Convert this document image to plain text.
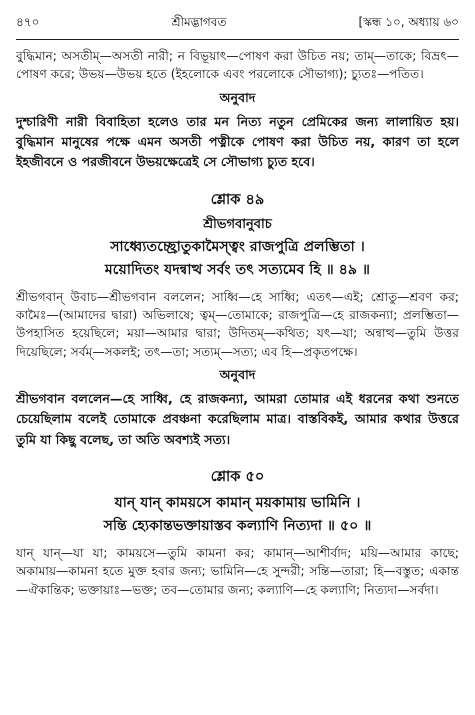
৪৭০	শ্রীমদ্ভাগবত	[স্কন্ধ ১০, অধ্যায় ৬০

বুদ্ধিমান; অসতীম্—অসতী নারী; ন বিভূয়াৎ—পোষণ করা উচিত নয়; তাম্—তাকে; বিভ্রৎ—পোষণ করে; উভয়—উভয় হতে (ইহলোকে এবং পরলোকে সৌভাগ্য); চ্যুতঃ—পতিত।

অনুবাদ

দুশ্চারিণী নারী বিবাহিতা হলেও তার মন নিত্য নতুন প্রেমিকের জন্য লালায়িত হয়। বুদ্ধিমান মানুষের পক্ষে এমন অসতী পত্নীকে পোষণ করা উচিত নয়, কারণ তা হলে ইহজীবনে ও পরজীবনে উভয়ক্ষেত্রেই সে সৌভাগ্য চ্যুত হবে।

শ্লোক ৪৯
শ্রীভগবানুবাচ
সাধ্ব্যেতচ্ছ্রোতুকামৈস্ত্বং রাজপুত্রি প্রলম্ভিতা ।
ময়োদিতং যদন্বাত্থ সর্বং তৎ সত্যমেব হি ॥ ৪৯ ॥

শ্রীভগবান্ উবাচ—শ্রীভগবান বললেন; সাধ্বি—হে সাধ্বি; এতৎ—এই; শ্রোতু—শ্রবণ কর; কামৈঃ—(আমাদের দ্বারা) অভিলাষে; ত্বম্—তোমাকে; রাজপুত্রি—হে রাজকন্যা; প্রলম্ভিতা—উপহাসিত হয়েছিলে; ময়া—আমার দ্বারা; উদিতম্—কথিত; যৎ—যা; অন্বাত্থ—তুমি উত্তর দিয়েছিলে; সর্বম্—সকলই; তৎ—তা; সত্যম্—সত্য; এব হি—প্রকৃতপক্ষে।

অনুবাদ

শ্রীভগবান বললেন—হে সাধ্বি, হে রাজকন্যা, আমরা তোমার এই ধরনের কথা শুনতে চেয়েছিলাম বলেই তোমাকে প্রবঞ্চনা করেছিলাম মাত্র। বাস্তবিকই, আমার কথার উত্তরে তুমি যা কিছু বলেছ, তা অতি অবশ্যই সত্য।

শ্লোক ৫০
যান্ যান্ কাময়সে কামান্ ময়কামায় ভামিনি ।
সন্তি হ্যেকান্তভক্তায়াস্তব কল্যাণি নিত্যদা ॥ ৫০ ॥

যান্ যান্—যা যা; কাময়সে—তুমি কামনা কর; কামান্—আশীর্বাদ; ময়ি—আমার কাছে; অকামায়—কামনা হতে মুক্ত হবার জন্য; ভামিনি—হে সুন্দরী; সন্তি—তারা; হি—বস্তুত; একান্ত—ঐকান্তিক; ভক্তায়াঃ—ভক্ত; তব—তোমার জন্য; কল্যাণি—হে কল্যাণি; নিত্যদা—সর্বদা।
